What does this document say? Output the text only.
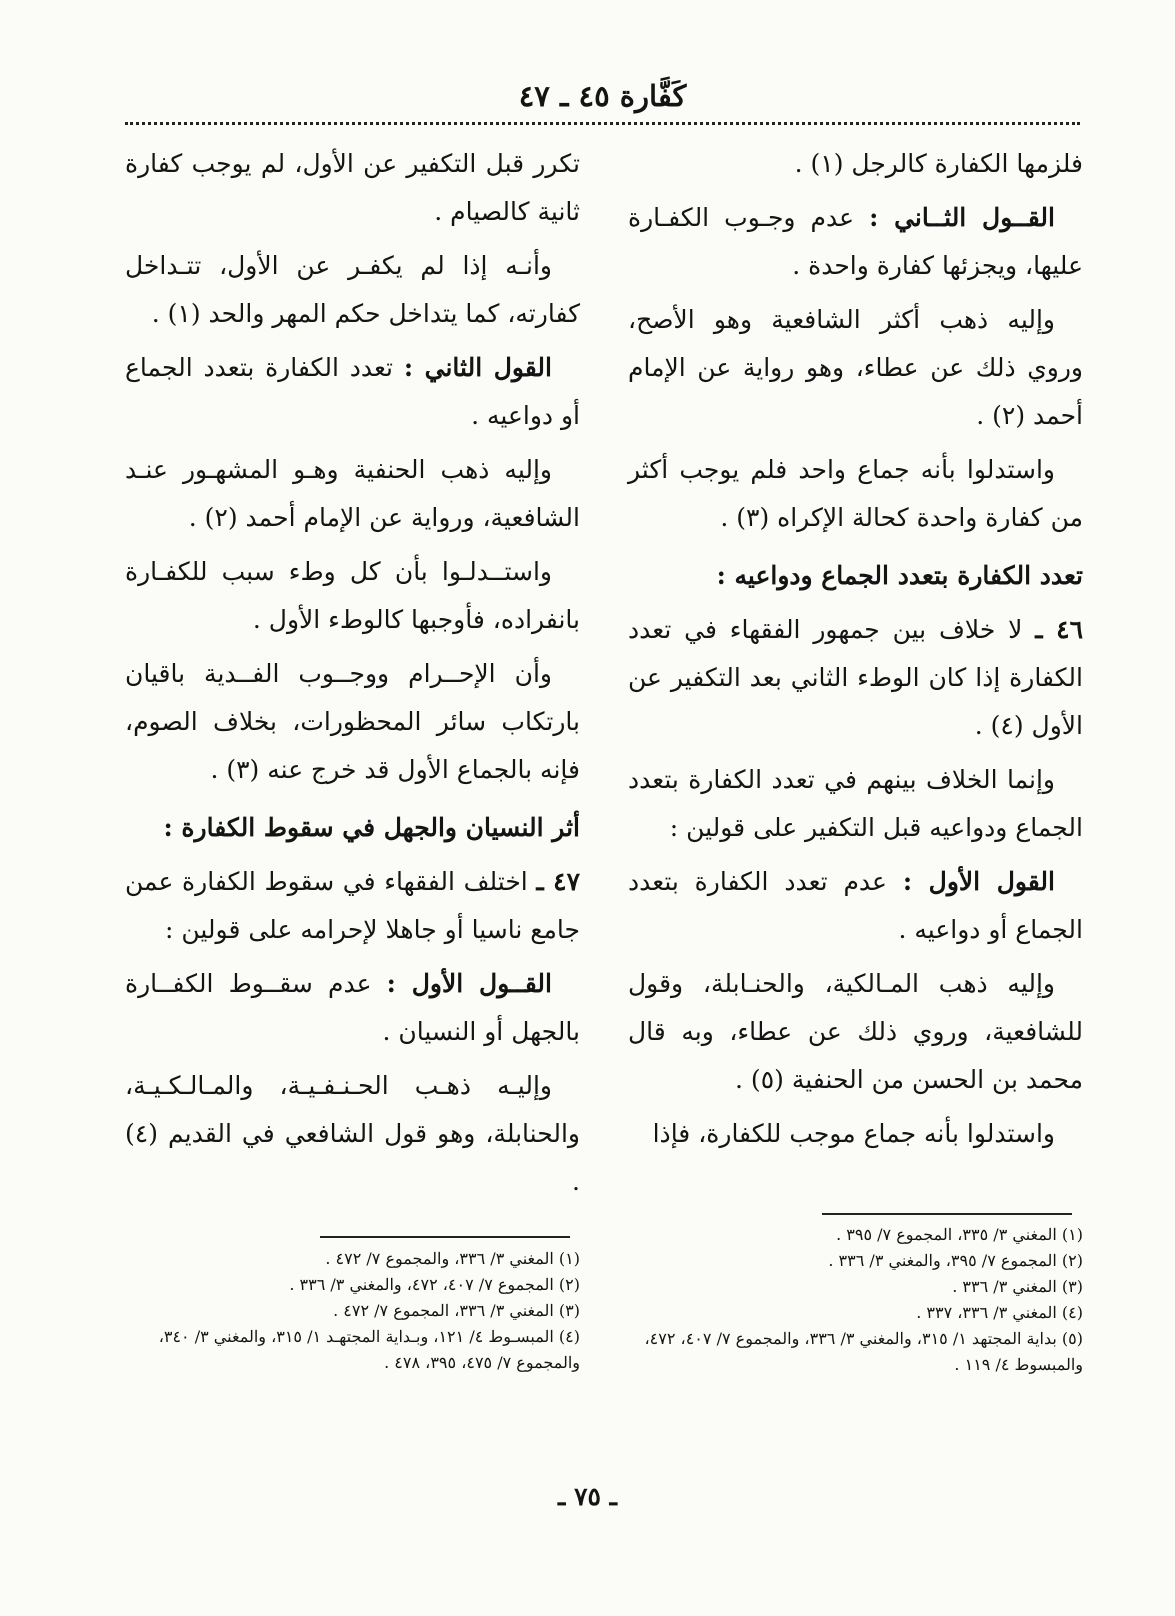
كَفَّارة ٤٥ ـ ٤٧

فلزمها الكفارة كالرجل (١) .

القــول الثــاني : عدم وجـوب الكفـارة عليها، ويجزئها كفارة واحدة .

وإليه ذهب أكثر الشافعية وهو الأصح، وروي ذلك عن عطاء، وهو رواية عن الإمام أحمد (٢) .

واستدلوا بأنه جماع واحد فلم يوجب أكثر من كفارة واحدة كحالة الإكراه (٣) .

تعدد الكفارة بتعدد الجماع ودواعيه :

٤٦ ـ لا خلاف بين جمهور الفقهاء في تعدد الكفارة إذا كان الوطء الثاني بعد التكفير عن الأول (٤) .

وإنما الخلاف بينهم في تعدد الكفارة بتعدد الجماع ودواعيه قبل التكفير على قولين :

القول الأول : عدم تعدد الكفارة بتعدد الجماع أو دواعيه .

وإليه ذهب المـالكية، والحنـابلة، وقول للشافعية، وروي ذلك عن عطاء، وبه قال محمد بن الحسن من الحنفية (٥) .

واستدلوا بأنه جماع موجب للكفارة، فإذا

تكرر قبل التكفير عن الأول، لم يوجب كفارة ثانية كالصيام .

وأنـه إذا لم يكفـر عن الأول، تتـداخل كفارته، كما يتداخل حكم المهر والحد (١) .

القول الثاني : تعدد الكفارة بتعدد الجماع أو دواعيه .

وإليه ذهب الحنفية وهـو المشهـور عنـد الشافعية، ورواية عن الإمام أحمد (٢) .

واستــدلـوا بأن كل وطء سبب للكفـارة بانفراده، فأوجبها كالوطء الأول .

وأن الإحــرام ووجــوب الفــدية باقيان بارتكاب سائر المحظورات، بخلاف الصوم، فإنه بالجماع الأول قد خرج عنه (٣) .

أثر النسيان والجهل في سقوط الكفارة :

٤٧ ـ اختلف الفقهاء في سقوط الكفارة عمن جامع ناسيا أو جاهلا لإحرامه على قولين :

القــول الأول : عدم سقــوط الكفــارة بالجهل أو النسيان .

وإليـه ذهـب الحـنـفـيـة، والمـالـكـيـة، والحنابلة، وهو قول الشافعي في القديم (٤) .

(١) المغني ٣/ ٣٣٥، المجموع ٧/ ٣٩٥ .

(٢) المجموع ٧/ ٣٩٥، والمغني ٣/ ٣٣٦ .

(٣) المغني ٣/ ٣٣٦ .

(٤) المغني ٣/ ٣٣٦، ٣٣٧ .

(٥) بداية المجتهد ١/ ٣١٥، والمغني ٣/ ٣٣٦، والمجموع ٧/ ٤٠٧، ٤٧٢، والمبسوط ٤/ ١١٩ .

(١) المغني ٣/ ٣٣٦، والمجموع ٧/ ٤٧٢ .

(٢) المجموع ٧/ ٤٠٧، ٤٧٢، والمغني ٣/ ٣٣٦ .

(٣) المغني ٣/ ٣٣٦، المجموع ٧/ ٤٧٢ .

(٤) المبسـوط ٤/ ١٢١، وبـداية المجتهـد ١/ ٣١٥، والمغني ٣/ ٣٤٠، والمجموع ٧/ ٤٧٥، ٣٩٥، ٤٧٨ .

ـ ٧٥ ـ
